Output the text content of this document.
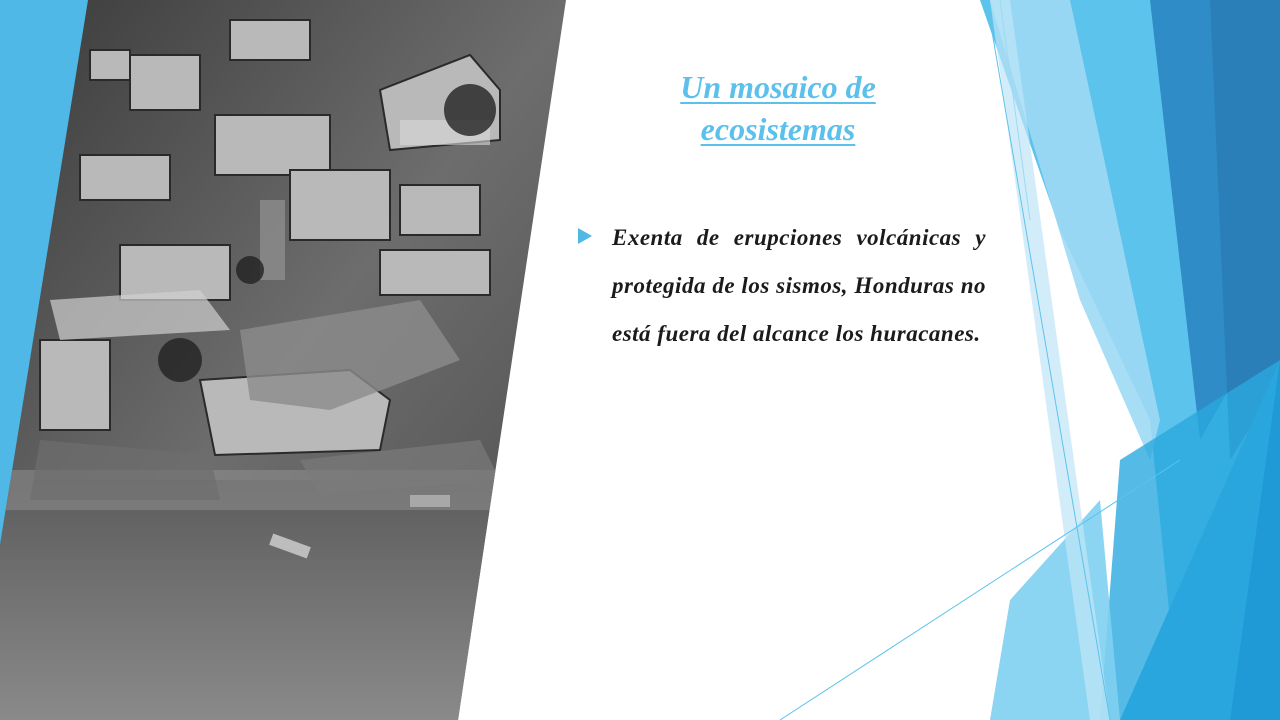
Un mosaico de ecosistemas
Exenta de erupciones volcánicas y protegida de los sismos, Honduras no está fuera del alcance los huracanes.
